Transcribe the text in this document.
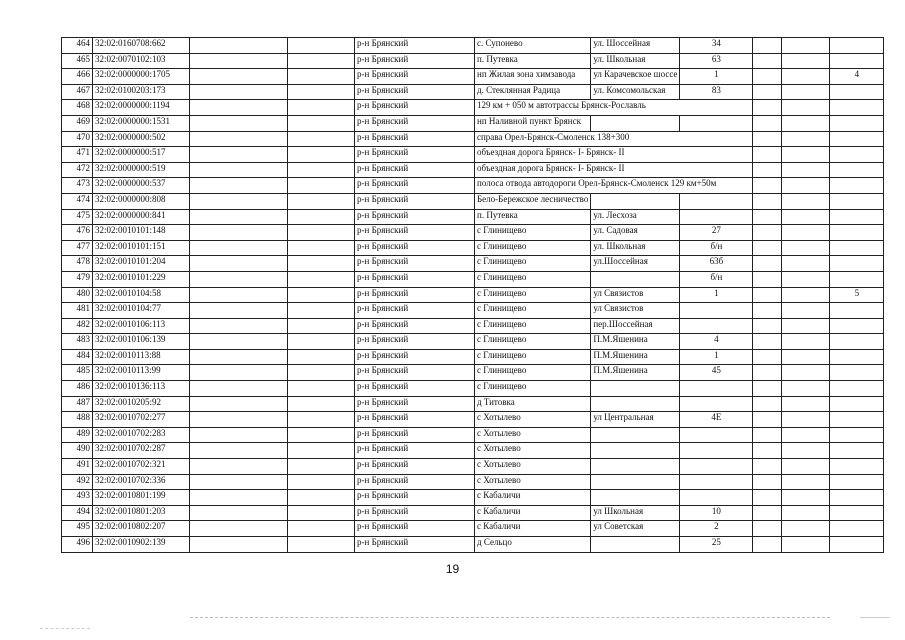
464	32:02:0160708:662			р-н Брянский	с. Супонево	ул. Шоссейная	34			
465	32:02:0070102:103			р-н Брянский	п. Путевка	ул. Школьная	63			
466	32:02:0000000:1705			р-н Брянский	нп Жилая зона химзавода	ул Карачевское шоссе	1			4
467	32:02:0100203:173			р-н Брянский	д. Стеклянная Радица	ул. Комсомольская	83			
468	32:02:0000000:1194			р-н Брянский	129 км + 050 м автотрассы Брянск-Рославль					
469	32:02:0000000:1531			р-н Брянский	нп Наливной пункт Брянск					
470	32:02:0000000:502			р-н Брянский	справа Орел-Брянск-Смоленск 138+300					
471	32:02:0000000:517			р-н Брянский	объездная дорога Брянск- I- Брянск- II					
472	32:02:0000000:519			р-н Брянский	объездная дорога Брянск- I- Брянск- II					
473	32:02:0000000:537			р-н Брянский	полоса отвода автодороги Орел-Брянск-Смоленск 129 км+50м					
474	32:02:0000000:808			р-н Брянский	Бело-Бережское лесничество					
475	32:02:0000000:841			р-н Брянский	п. Путевка	ул. Лесхоза				
476	32:02:0010101:148			р-н Брянский	с Глинищево	ул. Садовая	27			
477	32:02:0010101:151			р-н Брянский	с Глинищево	ул. Школьная	б/н			
478	32:02:0010101:204			р-н Брянский	с Глинищево	ул.Шоссейная	63б			
479	32:02:0010101:229			р-н Брянский	с Глинищево		б/н			
480	32:02:0010104:58			р-н Брянский	с Глинищево	ул Связистов	1			5
481	32:02:0010104:77			р-н Брянский	с Глинищево	ул Связистов				
482	32:02:0010106:113			р-н Брянский	с Глинищево	пер.Шоссейная				
483	32:02:0010106:139			р-н Брянский	с Глинищево	П.М.Яшенина	4			
484	32:02:0010113:88			р-н Брянский	с Глинищево	П.М.Яшенина	1			
485	32:02:0010113:99			р-н Брянский	с Глинищево	П.М.Яшенина	45			
486	32:02:0010136:113			р-н Брянский	с Глинищево					
487	32:02:0010205:92			р-н Брянский	д Титовка					
488	32:02:0010702:277			р-н Брянский	с Хотылево	ул Центральная	4Е			
489	32:02:0010702:283			р-н Брянский	с Хотылево					
490	32:02:0010702:287			р-н Брянский	с Хотылево					
491	32:02:0010702:321			р-н Брянский	с Хотылево					
492	32:02:0010702:336			р-н Брянский	с Хотылево					
493	32:02:0010801:199			р-н Брянский	с Кабаличи					
494	32:02:0010801:203			р-н Брянский	с Кабаличи	ул Школьная	10			
495	32:02:0010802:207			р-н Брянский	с Кабаличи	ул Советская	2			
496	32:02:0010902:139			р-н Брянский	д Сельцо		25			
19
